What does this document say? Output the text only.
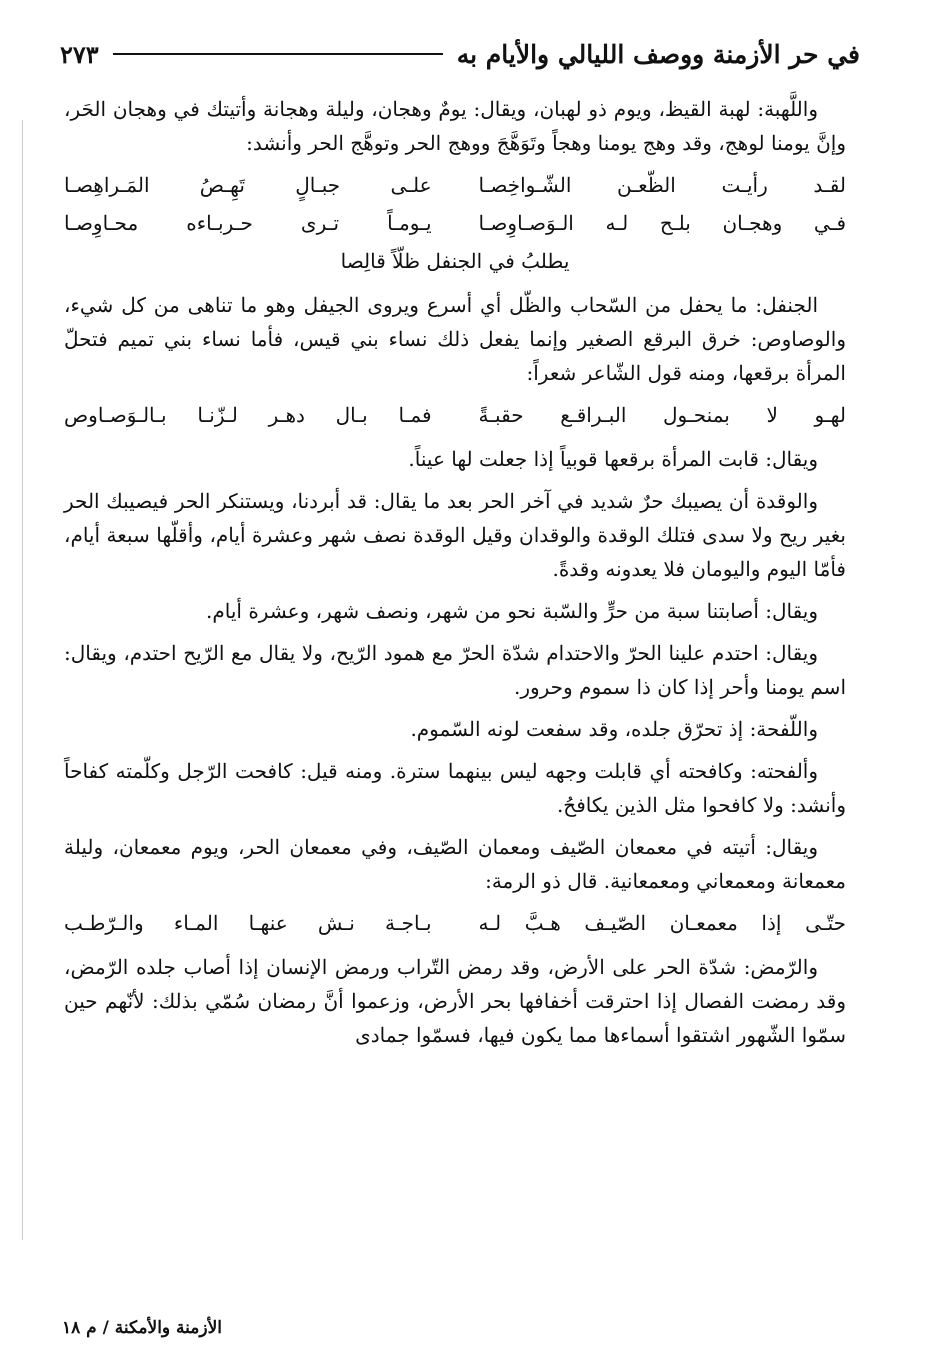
في حر الأزمنة ووصف الليالي والأيام به
٢٧٣

واللَّهبة: لهبة القيظ، ويوم ذو لهبان، ويقال: يومٌ وهجان، وليلة وهجانة وأتيتك في وهجان الحَر، وإنَّ يومنا لوهج، وقد وهج يومنا وهجاً وتَوَهَّجَ ووهج الحر وتوهَّج الحر وأنشد:

لقـد رأيـت الظّعـن الشّـواخِصـا
علـى جبـالٍ تَهِـصُ المَـراهِصـا
فـي وهجـان بلـح لـه الـوَصـاوِصـا
يـومـاً تـرى حـربـاءه محـاوِصـا
يطلبُ في الجنفل ظلّاً قالِصا

الجنفل: ما يحفل من السّحاب والظّل أي أسرع ويروى الجيفل وهو ما تناهى من كل شيء، والوصاوص: خرق البرقع الصغير وإنما يفعل ذلك نساء بني قيس، فأما نساء بني تميم فتحلّ المرأة برقعها، ومنه قول الشّاعر شعراً:

لهـو لا بمنحـول البـراقـع حقبـةً
فمـا بـال دهـر لـزّنـا بـالـوَصـاوص

ويقال: قابت المرأة برقعها قوبياً إذا جعلت لها عيناً.

والوقدة أن يصيبك حرٌ شديد في آخر الحر بعد ما يقال: قد أبردنا، ويستنكر الحر فيصيبك الحر بغير ريح ولا سدى فتلك الوقدة والوقدان وقيل الوقدة نصف شهر وعشرة أيام، وأقلّها سبعة أيام، فأمّا اليوم واليومان فلا يعدونه وقدةً.

ويقال: أصابتنا سبة من حرٍّ والسّبة نحو من شهر، ونصف شهر، وعشرة أيام.

ويقال: احتدم علينا الحرّ والاحتدام شدّة الحرّ مع همود الرّيح، ولا يقال مع الرّيح احتدم، ويقال: اسم يومنا وأحر إذا كان ذا سموم وحرور.

واللّفحة: إذ تحرّق جلده، وقد سفعت لونه السّموم.

وألفحته: وكافحته أي قابلت وجهه ليس بينهما سترة. ومنه قيل: كافحت الرّجل وكلّمته كفاحاً وأنشد: ولا كافحوا مثل الذين يكافحُ.

ويقال: أتيته في معمعان الصّيف ومعمان الصّيف، وفي معمعان الحر، ويوم معمعان، وليلة معمعانة ومعمعاني ومعمعانية. قال ذو الرمة:

حتّـى إذا معمعـان الصّيـف هـبَّ لـه
بـاجـة نـش عنهـا المـاء والـرّطـب

والرّمض: شدّة الحر على الأرض، وقد رمض التّراب ورمض الإنسان إذا أصاب جلده الرّمض، وقد رمضت الفصال إذا احترقت أخفافها بحر الأرض، وزعموا أنَّ رمضان سُمّي بذلك: لأنّهم حين سمّوا الشّهور اشتقوا أسماءها مما يكون فيها، فسمّوا جمادى

الأزمنة والأمكنة / م ١٨
